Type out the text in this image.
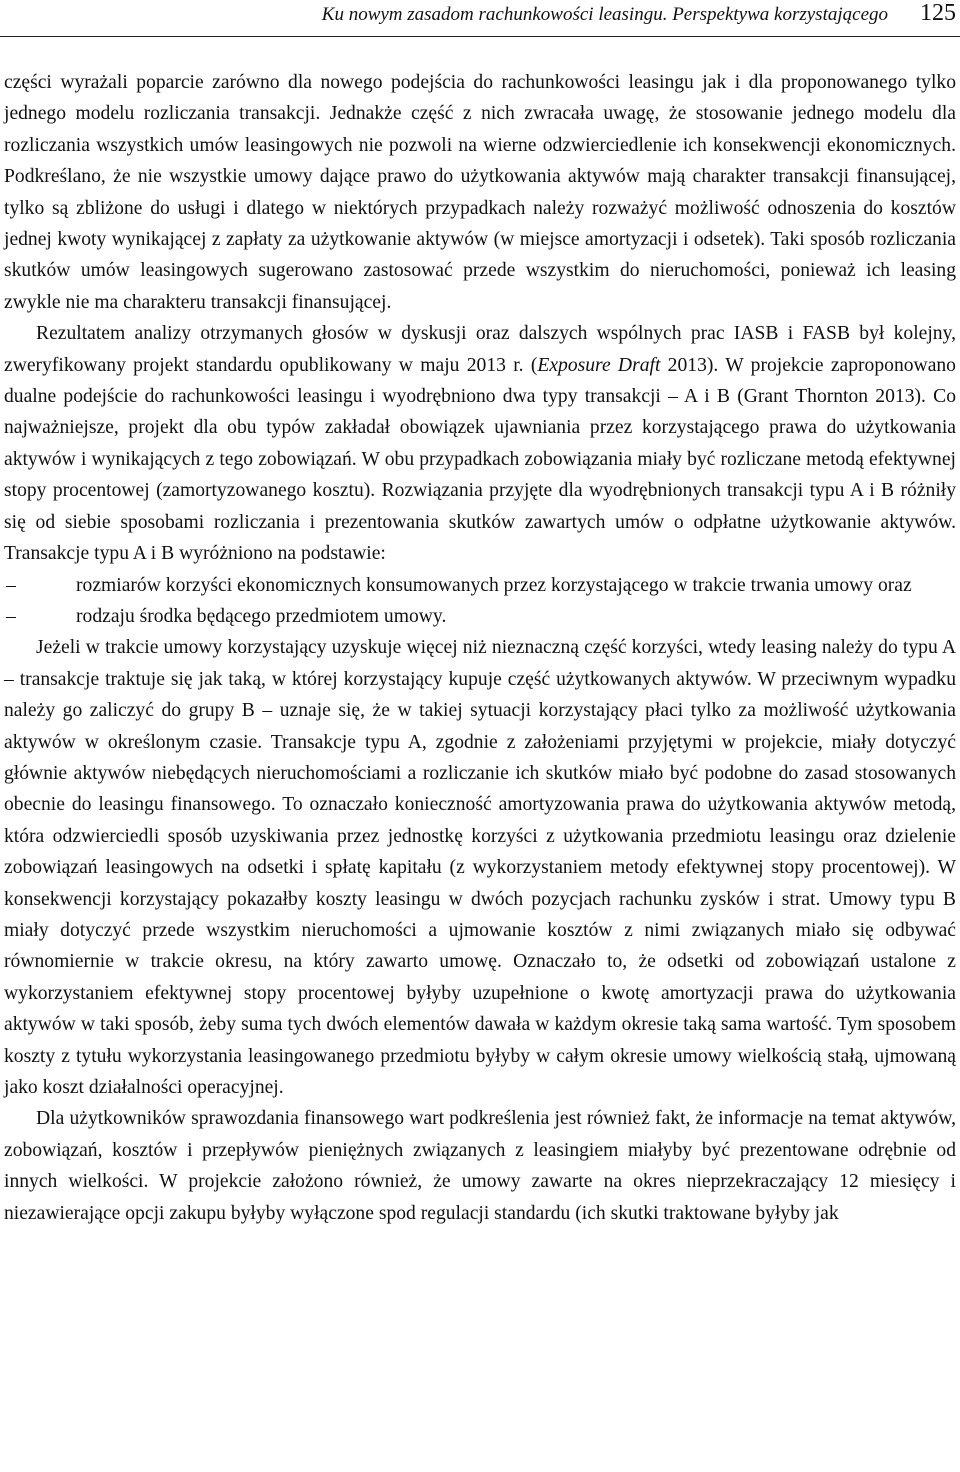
Ku nowym zasadom rachunkowości leasingu. Perspektywa korzystającego 125

części wyrażali poparcie zarówno dla nowego podejścia do rachunkowości leasingu jak i dla proponowanego tylko jednego modelu rozliczania transakcji. Jednakże część z nich zwracała uwagę, że stosowanie jednego modelu dla rozliczania wszystkich umów leasingowych nie pozwoli na wierne odzwierciedlenie ich konsekwencji ekonomicznych. Podkreślano, że nie wszystkie umowy dające prawo do użytkowania aktywów mają charakter transakcji finansującej, tylko są zbliżone do usługi i dlatego w niektórych przypadkach należy rozważyć możliwość odnoszenia do kosztów jednej kwoty wynikającej z zapłaty za użytkowanie aktywów (w miejsce amortyzacji i odsetek). Taki sposób rozliczania skutków umów leasingowych sugerowano zastosować przede wszystkim do nieruchomości, ponieważ ich leasing zwykle nie ma charakteru transakcji finansującej.

Rezultatem analizy otrzymanych głosów w dyskusji oraz dalszych wspólnych prac IASB i FASB był kolejny, zweryfikowany projekt standardu opublikowany w maju 2013 r. (Exposure Draft 2013). W projekcie zaproponowano dualne podejście do rachunkowości leasingu i wyodrębniono dwa typy transakcji – A i B (Grant Thornton 2013). Co najważniejsze, projekt dla obu typów zakładał obowiązek ujawniania przez korzystającego prawa do użytkowania aktywów i wynikających z tego zobowiązań. W obu przypadkach zobowiązania miały być rozliczane metodą efektywnej stopy procentowej (zamortyzowanego kosztu). Rozwiązania przyjęte dla wyodrębnionych transakcji typu A i B różniły się od siebie sposobami rozliczania i prezentowania skutków zawartych umów o odpłatne użytkowanie aktywów. Transakcje typu A i B wyróżniono na podstawie:

–	rozmiarów korzyści ekonomicznych konsumowanych przez korzystającego w trakcie trwania umowy oraz
–	rodzaju środka będącego przedmiotem umowy.

Jeżeli w trakcie umowy korzystający uzyskuje więcej niż nieznaczną część korzyści, wtedy leasing należy do typu A – transakcje traktuje się jak taką, w której korzystający kupuje część użytkowanych aktywów. W przeciwnym wypadku należy go zaliczyć do grupy B – uznaje się, że w takiej sytuacji korzystający płaci tylko za możliwość użytkowania aktywów w określonym czasie. Transakcje typu A, zgodnie z założeniami przyjętymi w projekcie, miały dotyczyć głównie aktywów niebędących nieruchomościami a rozliczanie ich skutków miało być podobne do zasad stosowanych obecnie do leasingu finansowego. To oznaczało konieczność amortyzowania prawa do użytkowania aktywów metodą, która odzwierciedli sposób uzyskiwania przez jednostkę korzyści z użytkowania przedmiotu leasingu oraz dzielenie zobowiązań leasingowych na odsetki i spłatę kapitału (z wykorzystaniem metody efektywnej stopy procentowej). W konsekwencji korzystający pokazałby koszty leasingu w dwóch pozycjach rachunku zysków i strat. Umowy typu B miały dotyczyć przede wszystkim nieruchomości a ujmowanie kosztów z nimi związanych miało się odbywać równomiernie w trakcie okresu, na który zawarto umowę. Oznaczało to, że odsetki od zobowiązań ustalone z wykorzystaniem efektywnej stopy procentowej byłyby uzupełnione o kwotę amortyzacji prawa do użytkowania aktywów w taki sposób, żeby suma tych dwóch elementów dawała w każdym okresie taką sama wartość. Tym sposobem koszty z tytułu wykorzystania leasingowanego przedmiotu byłyby w całym okresie umowy wielkością stałą, ujmowaną jako koszt działalności operacyjnej.

Dla użytkowników sprawozdania finansowego wart podkreślenia jest również fakt, że informacje na temat aktywów, zobowiązań, kosztów i przepływów pieniężnych związanych z leasingiem miałyby być prezentowane odrębnie od innych wielkości. W projekcie założono również, że umowy zawarte na okres nieprzekraczający 12 miesięcy i niezawierające opcji zakupu byłyby wyłączone spod regulacji standardu (ich skutki traktowane byłyby jak
